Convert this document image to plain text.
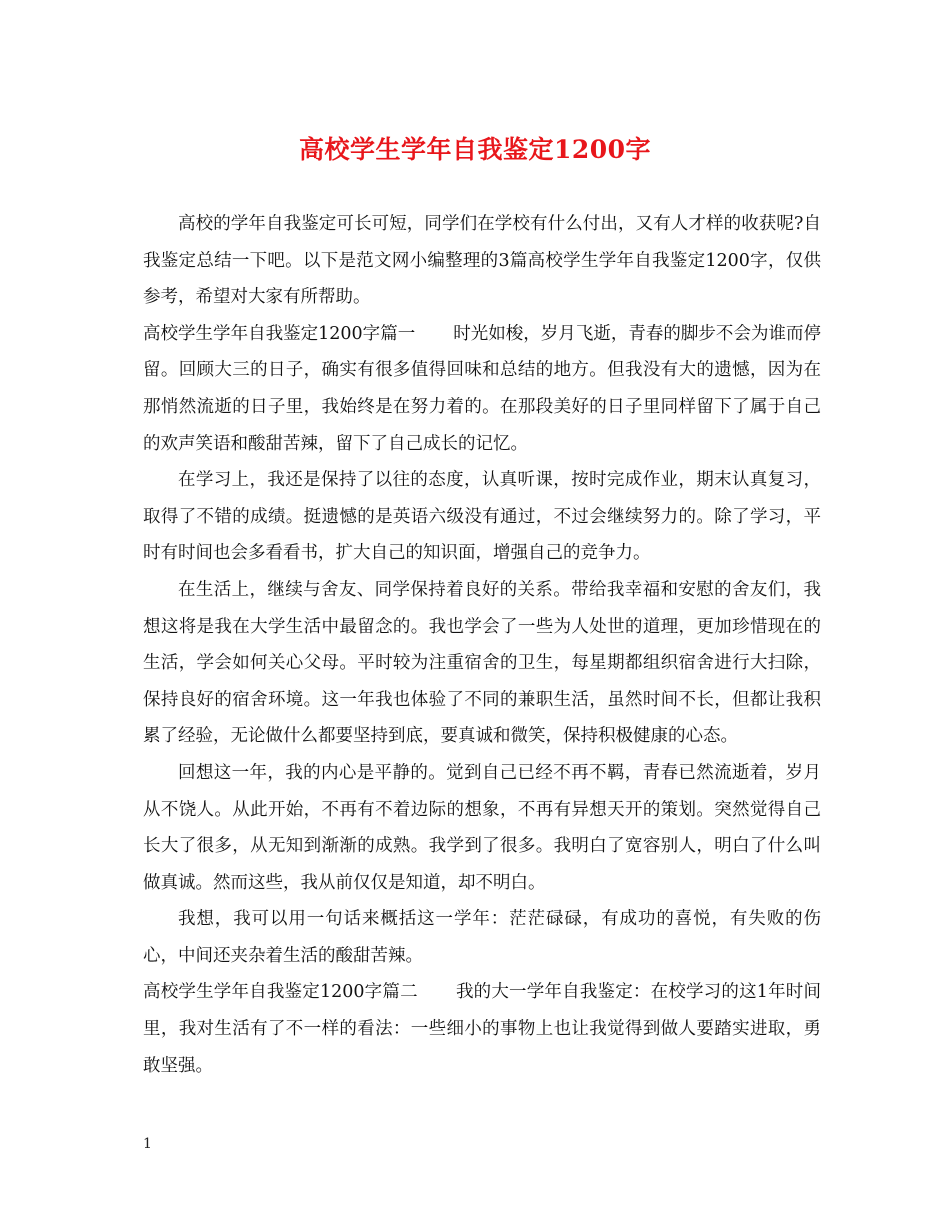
高校学生学年自我鉴定1200字

高校的学年自我鉴定可长可短，同学们在学校有什么付出，又有人才样的收获呢?自我鉴定总结一下吧。以下是范文网小编整理的3篇高校学生学年自我鉴定1200字，仅供参考，希望对大家有所帮助。

高校学生学年自我鉴定1200字篇一 时光如梭，岁月飞逝，青春的脚步不会为谁而停留。回顾大三的日子，确实有很多值得回味和总结的地方。但我没有大的遗憾，因为在那悄然流逝的日子里，我始终是在努力着的。在那段美好的日子里同样留下了属于自己的欢声笑语和酸甜苦辣，留下了自己成长的记忆。

在学习上，我还是保持了以往的态度，认真听课，按时完成作业，期末认真复习，取得了不错的成绩。挺遗憾的是英语六级没有通过，不过会继续努力的。除了学习，平时有时间也会多看看书，扩大自己的知识面，增强自己的竞争力。

在生活上，继续与舍友、同学保持着良好的关系。带给我幸福和安慰的舍友们，我想这将是我在大学生活中最留念的。我也学会了一些为人处世的道理，更加珍惜现在的生活，学会如何关心父母。平时较为注重宿舍的卫生，每星期都组织宿舍进行大扫除，保持良好的宿舍环境。这一年我也体验了不同的兼职生活，虽然时间不长，但都让我积累了经验，无论做什么都要坚持到底，要真诚和微笑，保持积极健康的心态。

回想这一年，我的内心是平静的。觉到自己已经不再不羁，青春已然流逝着，岁月从不饶人。从此开始，不再有不着边际的想象，不再有异想天开的策划。突然觉得自己长大了很多，从无知到渐渐的成熟。我学到了很多。我明白了宽容别人，明白了什么叫做真诚。然而这些，我从前仅仅是知道，却不明白。

我想，我可以用一句话来概括这一学年：茫茫碌碌，有成功的喜悦，有失败的伤心，中间还夹杂着生活的酸甜苦辣。

高校学生学年自我鉴定1200字篇二 我的大一学年自我鉴定：在校学习的这1年时间里，我对生活有了不一样的看法：一些细小的事物上也让我觉得到做人要踏实进取，勇敢坚强。

1
